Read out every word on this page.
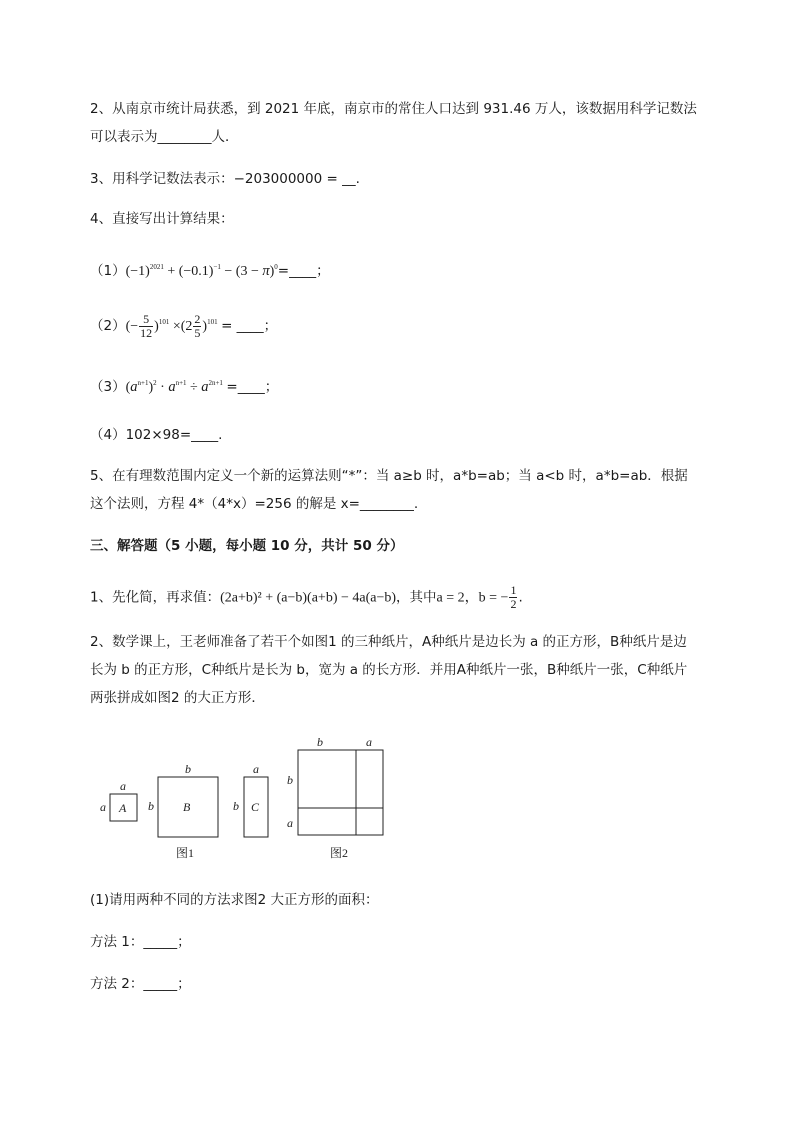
2、从南京市统计局获悉，到 2021 年底，南京市的常住人口达到 931.46 万人，该数据用科学记数法
可以表示为________人．
3、用科学记数法表示：−203000000 = __.
4、直接写出计算结果：
$(1)(-1)^{2021} + (-0.1)^{-1} - (3$ − $\pi)^0=\_\_\_\_$；
$(2)(- \frac{5}{12} )^{101} \times(2 \frac{2}{5} )^{101}$ = ____；
$(3)(a^{n+1})^2 \cdot a^{n+1} \div a^{2n+1}$ =____；
（4）102×98=____.
5、在有理数范围内定义一个新的运算法则“*”：当 a≥b 时，a*b=ab；当 a<b 时，a*b=ab．根据
这个法则，方程 4*（4*x）=256 的解是 x=________.
三、解答题（5 小题，每小题 10 分，共计 50 分）
1、先化简，再求值：(2a+b)² + (a−b)(a+b) − 4a(a−b)，其中a = 2，b = − $\frac{1}{2}$ .
2、数学课上，王老师准备了若干个如图1 的三种纸片，A种纸片是边长为 a 的正方形，B种纸片是边
长为 b 的正方形，C种纸片是长为 b，宽为 a 的长方形．并用A种纸片一张，B种纸片一张，C种纸片
两张拼成如图2 的大正方形．
a
a A
b
b B
a
b C
b	a
b
a
图1	图2
(1)请用两种不同的方法求图2 大正方形的面积：
方法 1：_____；
方法 2：_____；
